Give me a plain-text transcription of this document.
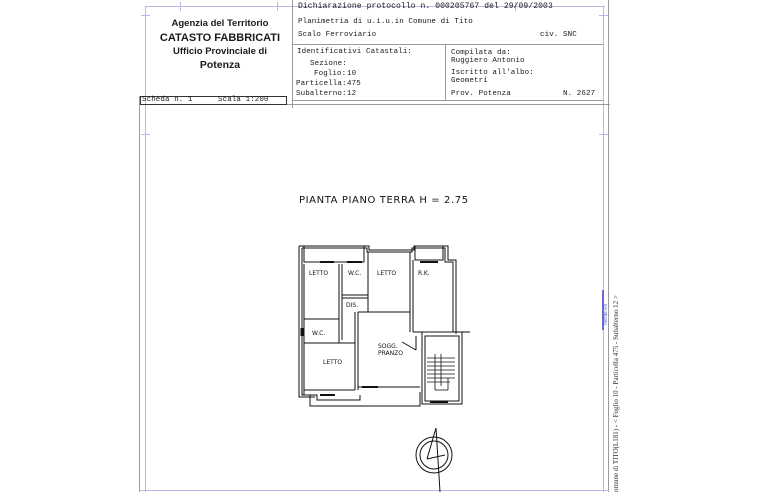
Agenzia del Territorio
CATASTO FABBRICATI
Ufficio Provinciale di
Potenza
Dichiarazione protocollo n. 000205767 del 29/09/2003
Planimetria di u.i.u.in Comune di Tito
Scalo Ferroviario	civ. SNC
Identificativi Catastali:
Sezione:
Foglio: 10
Particella: 475
Subalterno: 12
Compilata da:
Ruggiero Antonio
Iscritto all'albo:
Geometri
Prov. Potenza	N. 2627
Scheda n. 1	Scala 1:200
PIANTA PIANO TERRA H = 2.75
LETTO	W.C.	LETTO	R.K.
DIS.
W.C.
SOGG.
PRANZO
LETTO	omune di TITO(L181) - < Foglio 10 - Particella 475 - Subalterno 12 >
mente Ril
